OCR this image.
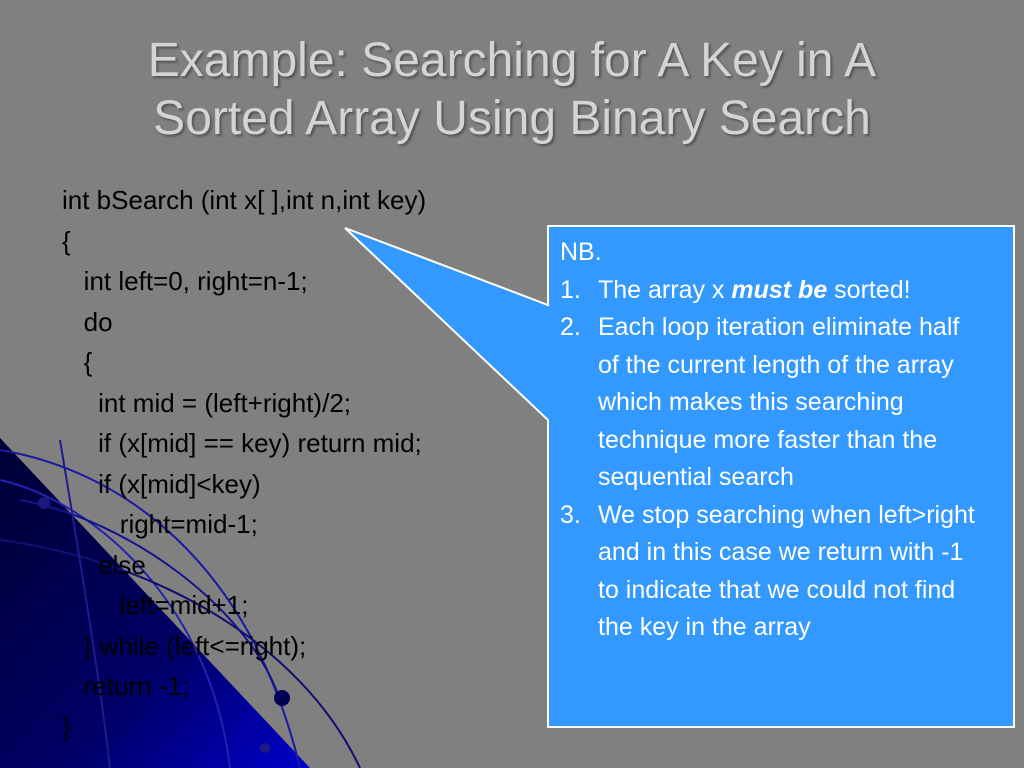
Example: Searching for A Key in A
Sorted Array Using Binary Search
int bSearch (int x[ ],int n,int key)
{
int left=0, right=n-1;
do
{
int mid = (left+right)/2;
if (x[mid] == key) return mid;
if (x[mid]<key)
right=mid-1;
else
left=mid+1;
} while (left<=right);
return -1;
}
NB.
1. The array x must be sorted!
2. Each loop iteration eliminate half of the current length of the array which makes this searching technique more faster than the sequential search
3. We stop searching when left>right and in this case we return with -1 to indicate that we could not find the key in the array
